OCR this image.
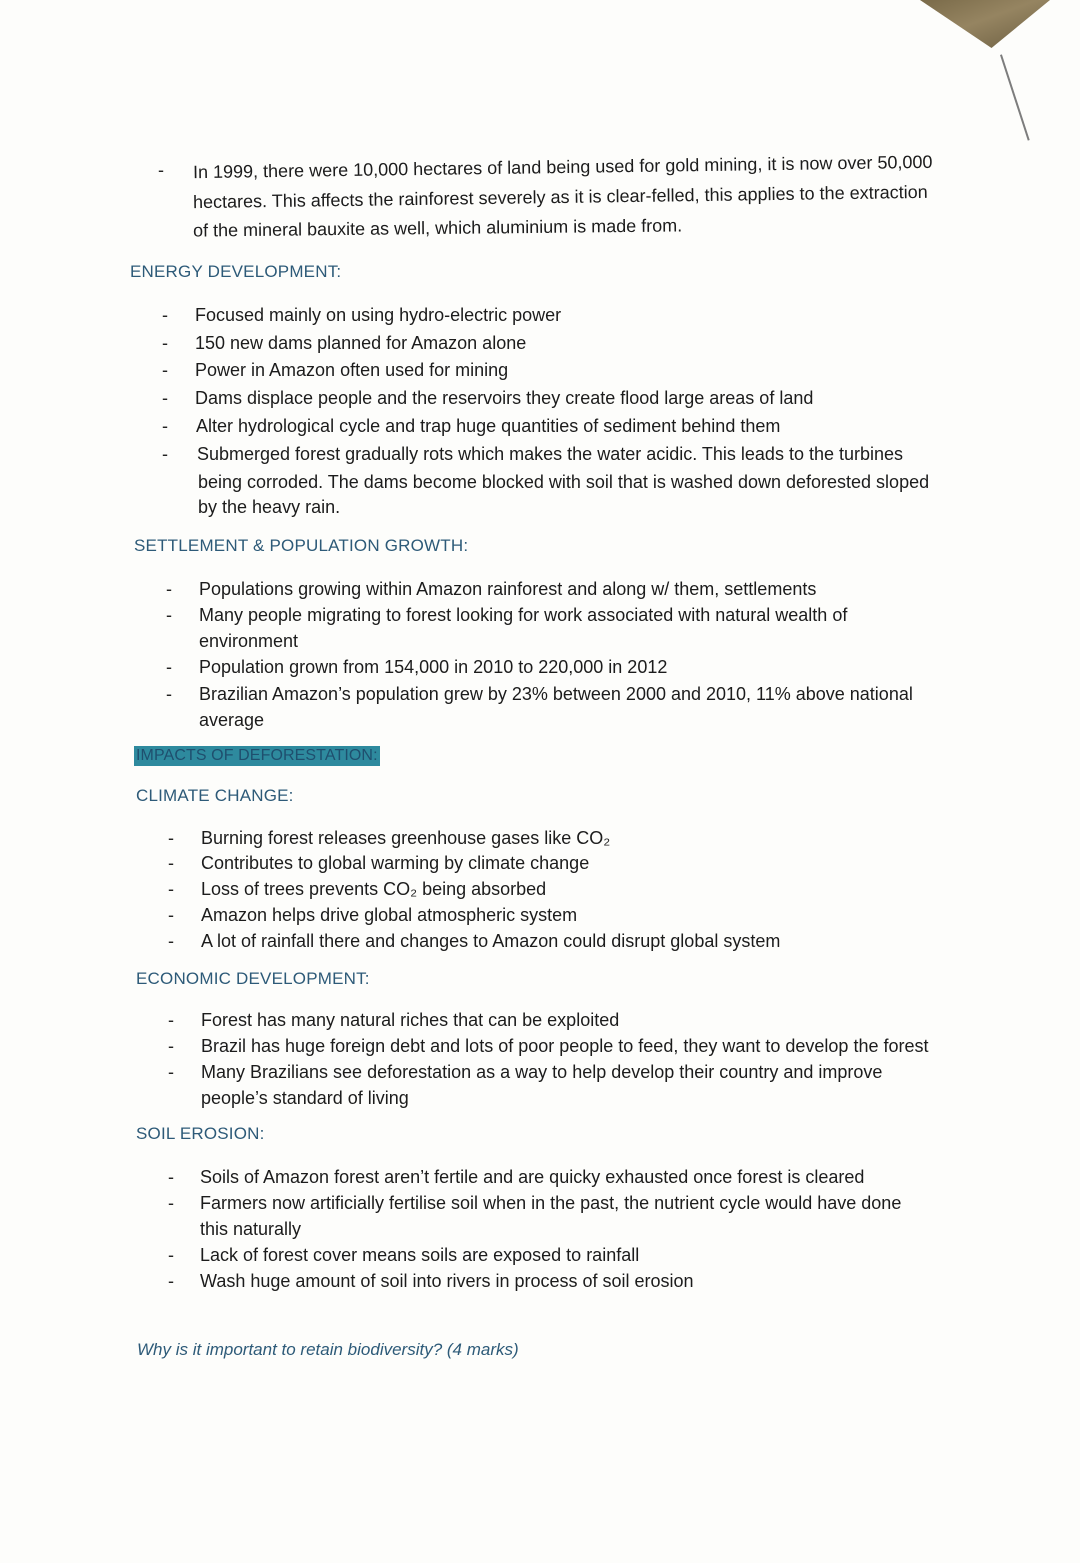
- In 1999, there were 10,000 hectares of land being used for gold mining, it is now over 50,000
hectares. This affects the rainforest severely as it is clear-felled, this applies to the extraction
of the mineral bauxite as well, which aluminium is made from.
ENERGY DEVELOPMENT:
- Focused mainly on using hydro-electric power
- 150 new dams planned for Amazon alone
- Power in Amazon often used for mining
- Dams displace people and the reservoirs they create flood large areas of land
- Alter hydrological cycle and trap huge quantities of sediment behind them
- Submerged forest gradually rots which makes the water acidic. This leads to the turbines
being corroded. The dams become blocked with soil that is washed down deforested sloped
by the heavy rain.
SETTLEMENT & POPULATION GROWTH:
- Populations growing within Amazon rainforest and along w/ them, settlements
- Many people migrating to forest looking for work associated with natural wealth of
environment
- Population grown from 154,000 in 2010 to 220,000 in 2012
- Brazilian Amazon’s population grew by 23% between 2000 and 2010, 11% above national
average
IMPACTS OF DEFORESTATION:
CLIMATE CHANGE:
- Burning forest releases greenhouse gases like CO₂
- Contributes to global warming by climate change
- Loss of trees prevents CO₂ being absorbed
- Amazon helps drive global atmospheric system
- A lot of rainfall there and changes to Amazon could disrupt global system
ECONOMIC DEVELOPMENT:
- Forest has many natural riches that can be exploited
- Brazil has huge foreign debt and lots of poor people to feed, they want to develop the forest
- Many Brazilians see deforestation as a way to help develop their country and improve
people’s standard of living
SOIL EROSION:
- Soils of Amazon forest aren’t fertile and are quicky exhausted once forest is cleared
- Farmers now artificially fertilise soil when in the past, the nutrient cycle would have done
this naturally
- Lack of forest cover means soils are exposed to rainfall
- Wash huge amount of soil into rivers in process of soil erosion
Why is it important to retain biodiversity? (4 marks)
